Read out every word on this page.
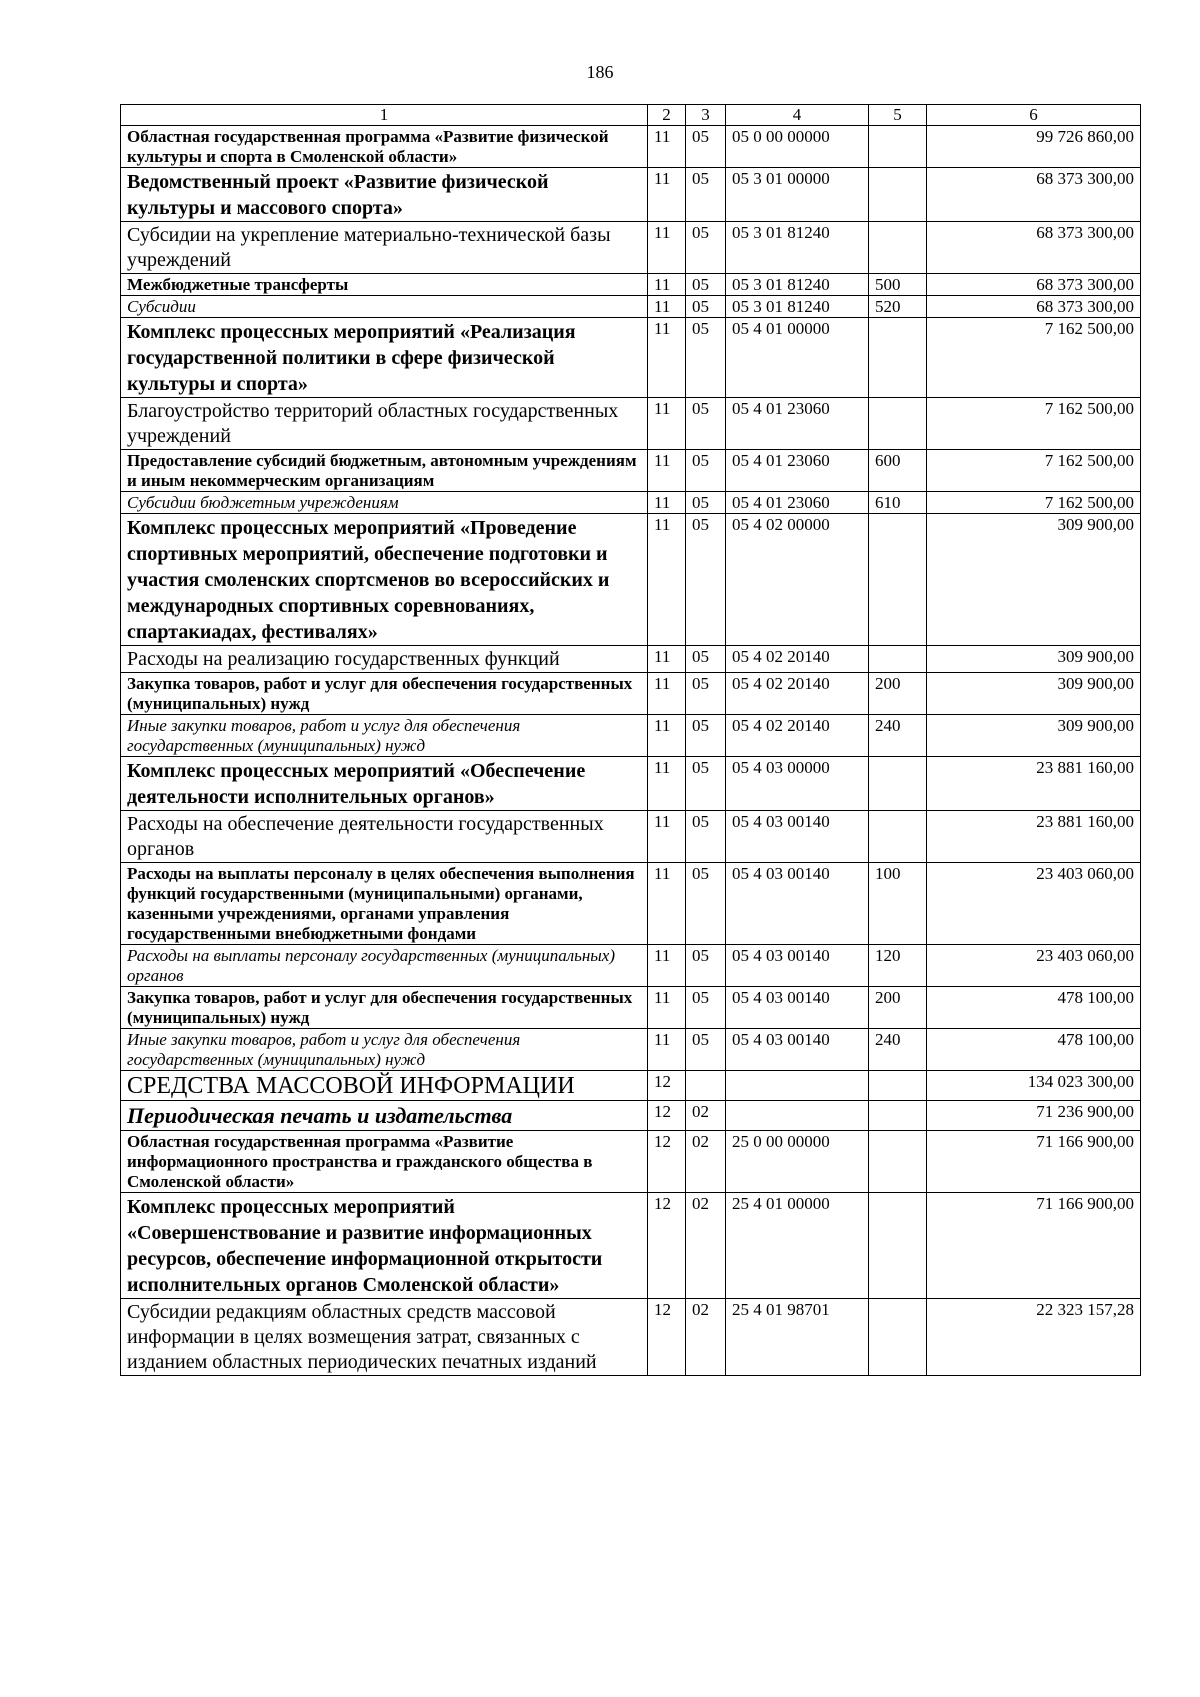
186
1	2	3	4	5	6
Областная государственная программа «Развитие физической культуры и спорта в Смоленской области»	11	05	05 0 00 00000		99 726 860,00
Ведомственный проект «Развитие физической культуры и массового спорта»	11	05	05 3 01 00000		68 373 300,00
Субсидии на укрепление материально-технической базы учреждений	11	05	05 3 01 81240		68 373 300,00
Межбюджетные трансферты	11	05	05 3 01 81240	500	68 373 300,00
Субсидии	11	05	05 3 01 81240	520	68 373 300,00
Комплекс процессных мероприятий «Реализация государственной политики в сфере физической культуры и спорта»	11	05	05 4 01 00000		7 162 500,00
Благоустройство территорий областных государственных учреждений	11	05	05 4 01 23060		7 162 500,00
Предоставление субсидий бюджетным, автономным учреждениям и иным некоммерческим организациям	11	05	05 4 01 23060	600	7 162 500,00
Субсидии бюджетным учреждениям	11	05	05 4 01 23060	610	7 162 500,00
Комплекс процессных мероприятий «Проведение спортивных мероприятий, обеспечение подготовки и участия смоленских спортсменов во всероссийских и международных спортивных соревнованиях, спартакиадах, фестивалях»	11	05	05 4 02 00000		309 900,00
Расходы на реализацию государственных функций	11	05	05 4 02 20140		309 900,00
Закупка товаров, работ и услуг для обеспечения государственных (муниципальных) нужд	11	05	05 4 02 20140	200	309 900,00
Иные закупки товаров, работ и услуг для обеспечения государственных (муниципальных) нужд	11	05	05 4 02 20140	240	309 900,00
Комплекс процессных мероприятий «Обеспечение деятельности исполнительных органов»	11	05	05 4 03 00000		23 881 160,00
Расходы на обеспечение деятельности государственных органов	11	05	05 4 03 00140		23 881 160,00
Расходы на выплаты персоналу в целях обеспечения выполнения функций государственными (муниципальными) органами, казенными учреждениями, органами управления государственными внебюджетными фондами	11	05	05 4 03 00140	100	23 403 060,00
Расходы на выплаты персоналу государственных (муниципальных) органов	11	05	05 4 03 00140	120	23 403 060,00
Закупка товаров, работ и услуг для обеспечения государственных (муниципальных) нужд	11	05	05 4 03 00140	200	478 100,00
Иные закупки товаров, работ и услуг для обеспечения государственных (муниципальных) нужд	11	05	05 4 03 00140	240	478 100,00
СРЕДСТВА МАССОВОЙ ИНФОРМАЦИИ	12				134 023 300,00
Периодическая печать и издательства	12	02			71 236 900,00
Областная государственная программа «Развитие информационного пространства и гражданского общества в Смоленской области»	12	02	25 0 00 00000		71 166 900,00
Комплекс процессных мероприятий «Совершенствование и развитие информационных ресурсов, обеспечение информационной открытости исполнительных органов Смоленской области»	12	02	25 4 01 00000		71 166 900,00
Субсидии редакциям областных средств массовой информации в целях возмещения затрат, связанных с изданием областных периодических печатных изданий	12	02	25 4 01 98701		22 323 157,28
